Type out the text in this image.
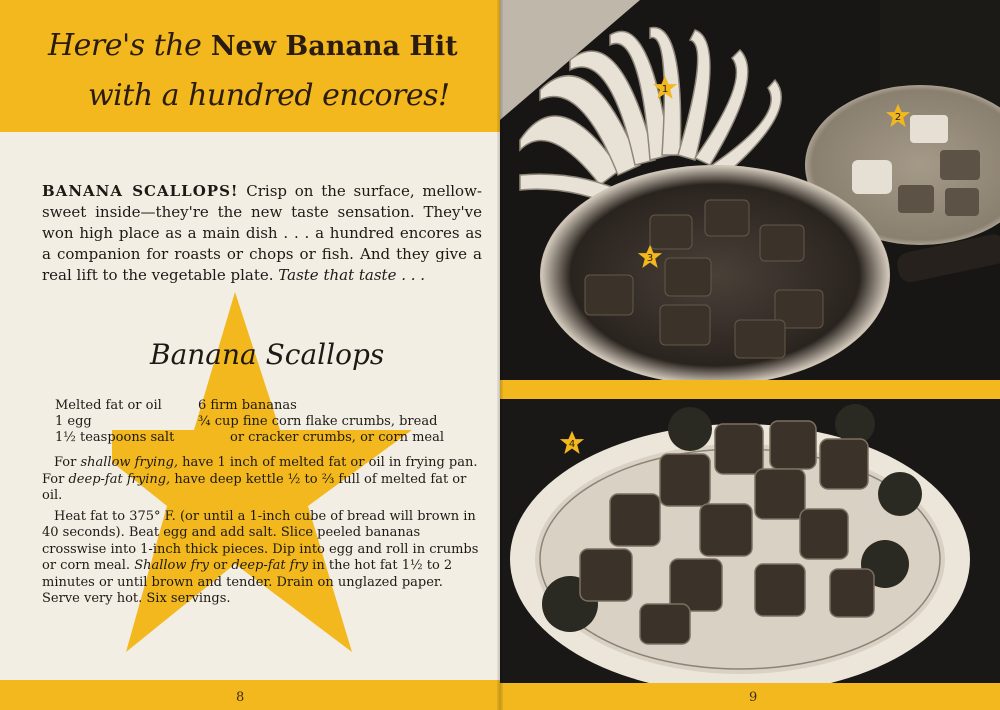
Here's the New Banana Hit
with a hundred encores!
BANANA SCALLOPS! Crisp on the surface, mellow-sweet inside—they're the new taste sensation. They've won high place as a main dish . . . a hundred encores as a companion for roasts or chops or fish. And they give a real lift to the vegetable plate. Taste that taste . . .
Banana Scallops
Melted fat or oil	6 firm bananas
1 egg	¾ cup fine corn flake crumbs, bread
1½ teaspoons salt	or cracker crumbs, or corn meal

For shallow frying, have 1 inch of melted fat or oil in frying pan. For deep-fat frying, have deep kettle ½ to ⅔ full of melted fat or oil.

Heat fat to 375° F. (or until a 1-inch cube of bread will brown in 40 seconds). Beat egg and add salt. Slice peeled bananas crosswise into 1-inch thick pieces. Dip into egg and roll in crumbs or corn meal. Shallow fry or deep-fat fry in the hot fat 1½ to 2 minutes or until brown and tender. Drain on unglazed paper. Serve very hot. Six servings.

8
1
2
3
4
9
